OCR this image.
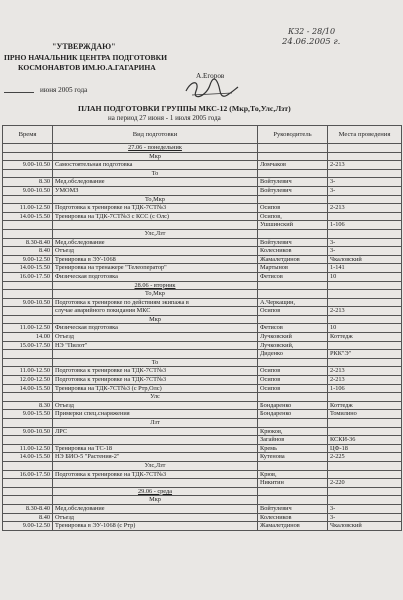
КЗ2 - 28/10
24.06.2005 г.
"УТВЕРЖДАЮ"
ПРНО НАЧАЛЬНИК ЦЕНТРА ПОДГОТОВКИ
КОСМОНАВТОВ ИМ.Ю.А.ГАГАРИНА
А.Егоров
июня 2005 года
ПЛАН ПОДГОТОВКИ ГРУППЫ МКС-12 (Мкр,То,Улс,Лзт)
на период 27 июня - 1 июля 2005 года
Время	Вид подготовки	Руководитель	Места проведения
	27.06 - понедельник		
	Мкр		
9.00-10.50	Самостоятельная подготовка	Ломчаков	2-213
	То		
8.30	Мед.обследование	Войтулевич	3-
9.00-10.50	УМОМЗ	Войтулевич	3-
	То,Мкр		
11.00-12.50	Подготовка к тренировке на ТДК-7СТ№3	Осипов	2-213
14.00-15.50	Тренировка на ТДК-7СТ№3 с КСС (с Олс)	Осипов,	
		Ушшинский	1-106
	Улс,Лзт		
8.30-8.40	Мед.обследование	Войтулевич	3-
8.40	Отъезд	Колесников	3-
9.00-12.50	Тренировка в ЭУ-1068	Жамалетдинов	Чкаловский
14.00-15.50	Тренировка на тренажере "Телеоператор"	Мартынов	1-141
16.00-17.50	Физическая подготовка	Фетисов	10
	28.06 - вторник		
	То,Мкр		
9.00-10.50	Подготовка к тренировке по действиям экипажа в	А.Черкащин,	
	случае аварийного покидания МКС	Осипов	2-213
	Мкр		
11.00-12.50	Физическая подготовка	Фетисов	10
14.00	Отъезд	Лучковский	Коттедж
15.00-17.50	НЭ "Пилот"	Лучковский,	
		Диденко	РКК"Э"
	То		
11.00-12.50	Подготовка к тренировке на ТДК-7СТ№3	Осипов	2-213
12.00-12.50	Подготовка к тренировке на ТДК-7СТ№3	Осипов	2-213
14.00-15.50	Тренировка на ТДК-7СТ№3 (с Ртр,Олс)	Осипов	1-106
	Улс		
8.30	Отъезд	Бондаренко	Коттедж
9.00-15.50	Примерки спец.снаряжения	Бондаренко	Томилино
	Лзт		
9.00-10.50	ЛРС	Крюков,	
		Загайнов	КСКИ-36
11.00-12.50	Тренировка на ТС-18	Кремь	ЦФ-18
14.00-15.50	НЭ БИО-5 "Растения-2"	Кутенова	2-225
	Улс,Лзт		
16.00-17.50	Подготовка к тренировке на ТДК-7СТ№3	Крюв,	
		Никитин	2-220
	29.06 - среда		
	Мкр		
8.30-8.40	Мед.обследование	Войтулевич	3-
8.40	Отъезд	Колесников	3-
9.00-12.50	Тренировка в ЭУ-1068 (с Ртр)	Жамалетдинов	Чкаловский
